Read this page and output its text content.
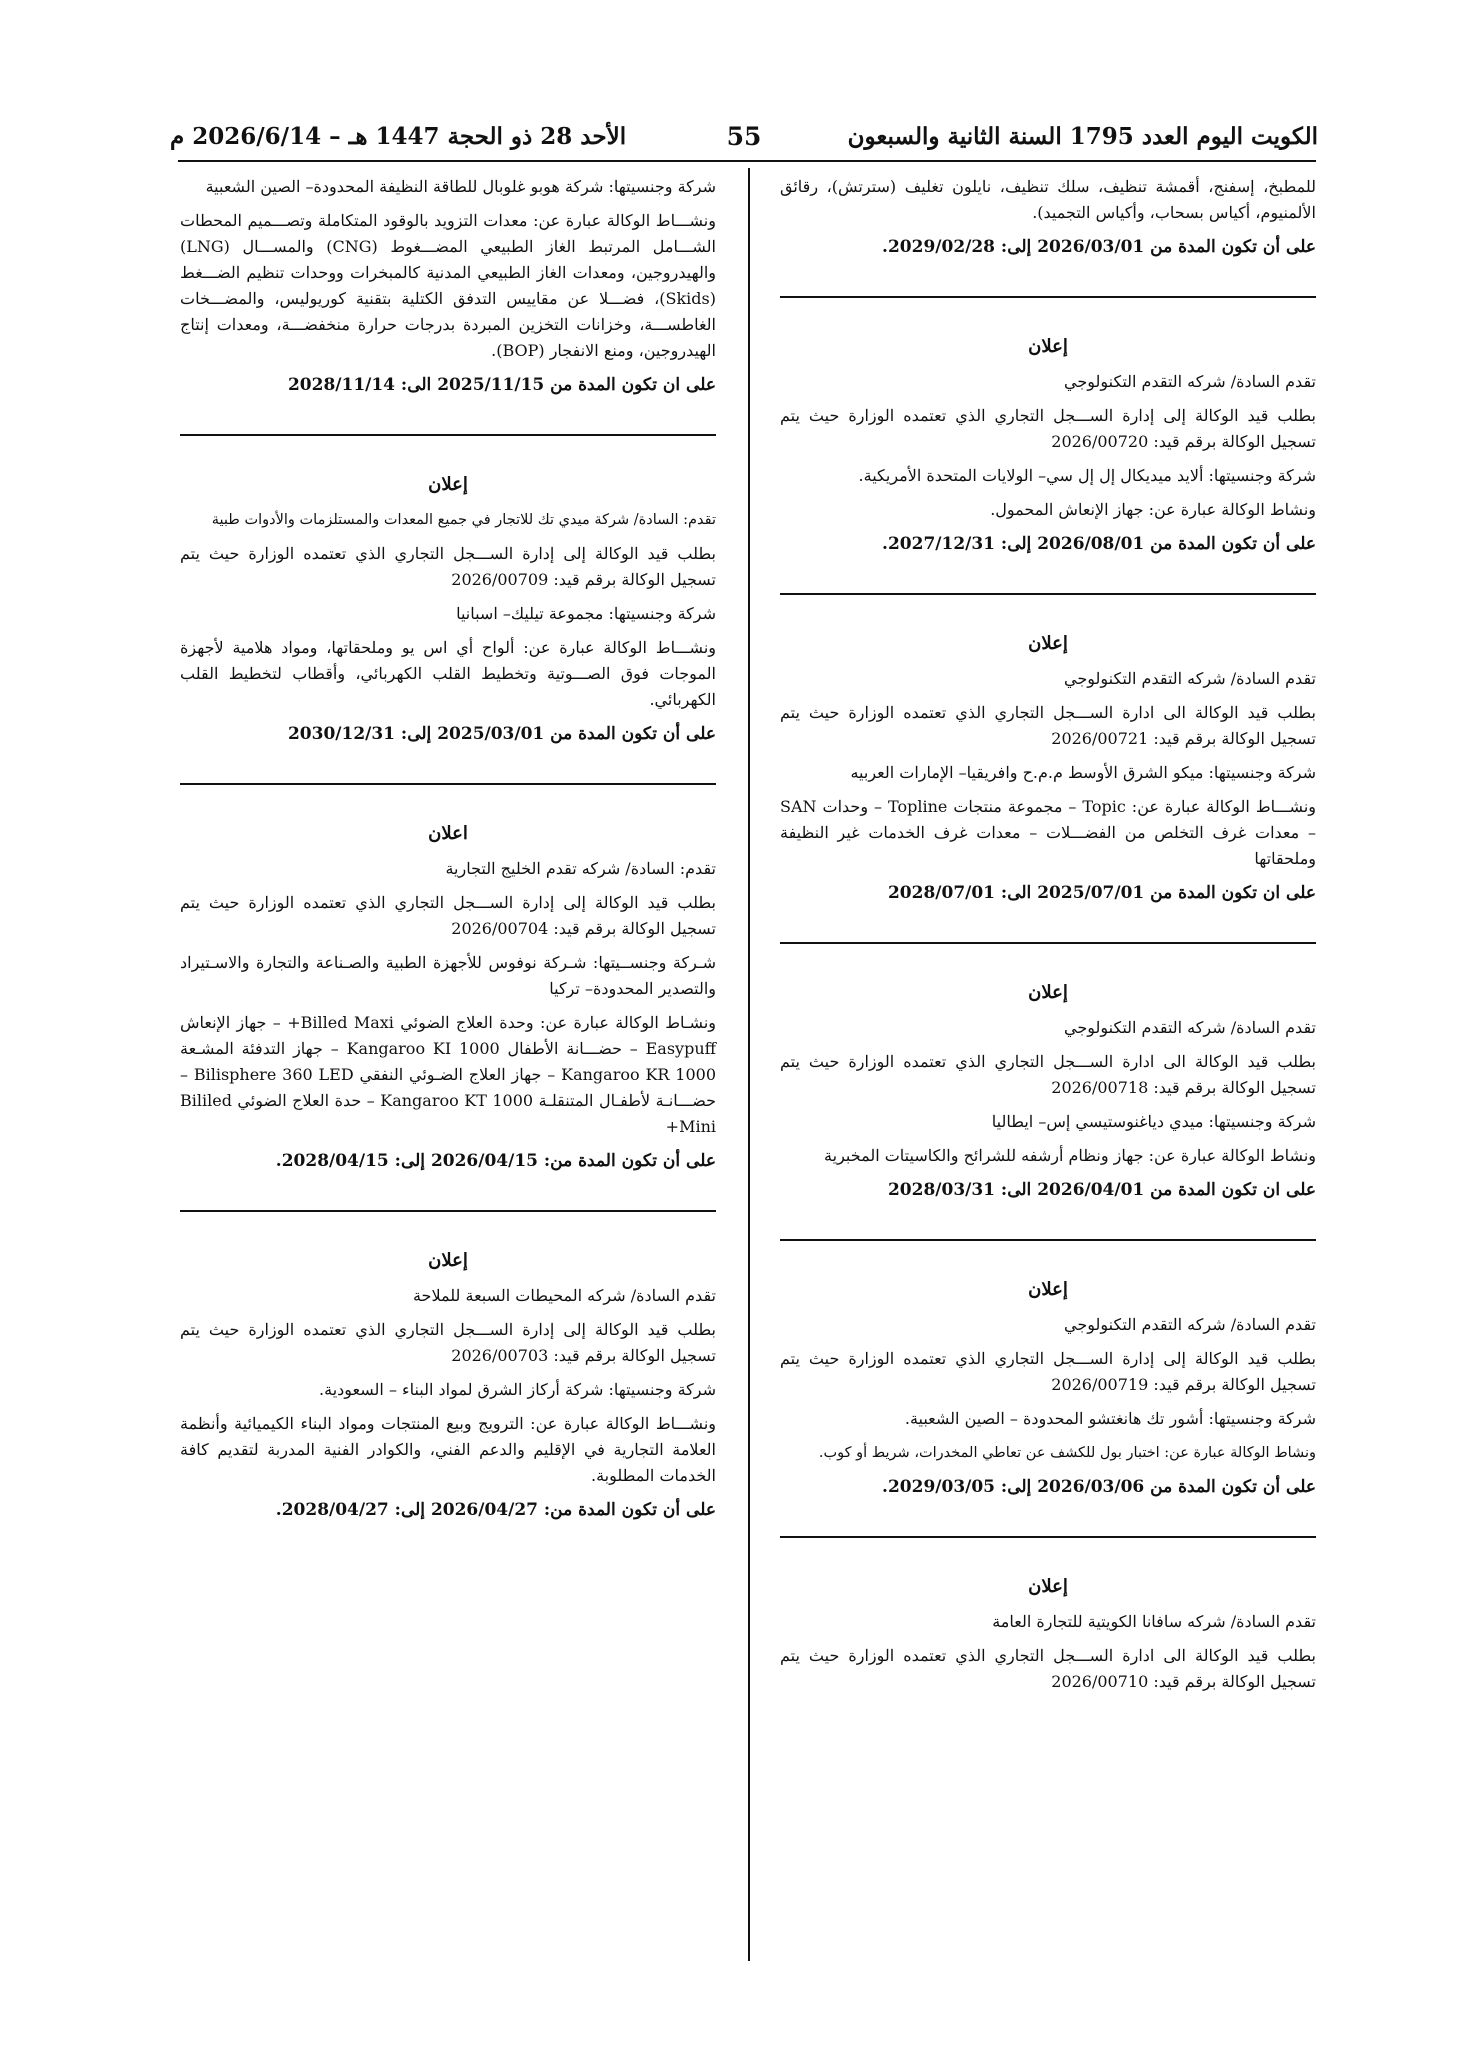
الكويت اليوم العدد 1795 السنة الثانية والسبعون
55
الأحد 28 ذو الحجة 1447 هـ – 2026/6/14 م

للمطبخ، إسفنج، أقمشة تنظيف، سلك تنظيف، نايلون تغليف (سترتش)، رقائق الألمنيوم، أكياس بسحاب، وأكياس التجميد).

على أن تكون المدة من 2026/03/01 إلى: 2029/02/28.

إعلان

تقدم السادة/ شركه التقدم التكنولوجي

بطلب قيد الوكالة إلى إدارة الســـجل التجاري الذي تعتمده الوزارة حيث يتم تسجيل الوكالة برقم قيد: 2026/00720

شركة وجنسيتها: ألايد ميديكال إل إل سي– الولايات المتحدة الأمريكية.

ونشاط الوكالة عبارة عن: جهاز الإنعاش المحمول.

على أن تكون المدة من 2026/08/01 إلى: 2027/12/31.

إعلان

تقدم السادة/ شركه التقدم التكنولوجي

بطلب قيد الوكالة الى ادارة الســـجل التجاري الذي تعتمده الوزارة حيث يتم تسجيل الوكالة برقم قيد: 2026/00721

شركة وجنسيتها: ميكو الشرق الأوسط م.م.ح وافريقيا– الإمارات العربيه

ونشـــاط الوكالة عبارة عن: Topic – مجموعة منتجات Topline – وحدات SAN – معدات غرف التخلص من الفضـــلات – معدات غرف الخدمات غير النظيفة وملحقاتها

على ان تكون المدة من 2025/07/01 الى: 2028/07/01

إعلان

تقدم السادة/ شركه التقدم التكنولوجي

بطلب قيد الوكالة الى ادارة الســـجل التجاري الذي تعتمده الوزارة حيث يتم تسجيل الوكالة برقم قيد: 2026/00718

شركة وجنسيتها: ميدي دياغنوستيسي إس– ايطاليا

ونشاط الوكالة عبارة عن: جهاز ونظام أرشفه للشرائح والكاسيتات المخبرية

على ان تكون المدة من 2026/04/01 الى: 2028/03/31

إعلان

تقدم السادة/ شركه التقدم التكنولوجي

بطلب قيد الوكالة إلى إدارة الســـجل التجاري الذي تعتمده الوزارة حيث يتم تسجيل الوكالة برقم قيد: 2026/00719

شركة وجنسيتها: أشور تك هانغتشو المحدودة – الصين الشعبية.

ونشاط الوكالة عبارة عن: اختبار بول للكشف عن تعاطي المخدرات، شريط أو كوب.

على أن تكون المدة من 2026/03/06 إلى: 2029/03/05.

إعلان

تقدم السادة/ شركه سافانا الكويتية للتجارة العامة

بطلب قيد الوكالة الى ادارة الســـجل التجاري الذي تعتمده الوزارة حيث يتم تسجيل الوكالة برقم قيد: 2026/00710

شركة وجنسيتها: شركة هوبو غلوبال للطاقة النظيفة المحدودة– الصين الشعبية

ونشـــاط الوكالة عبارة عن: معدات التزويد بالوقود المتكاملة وتصـــميم المحطات الشـــامل المرتبط الغاز الطبيعي المضـــغوط (CNG) والمســـال (LNG) والهيدروجين، ومعدات الغاز الطبيعي المدنية كالمبخرات ووحدات تنظيم الضـــغط (Skids)، فضـــلا عن مقاييس التدفق الكتلية بتقنية كوريوليس، والمضـــخات الغاطســـة، وخزانات التخزين المبردة بدرجات حرارة منخفضـــة، ومعدات إنتاج الهيدروجين، ومنع الانفجار (BOP).

على ان تكون المدة من 2025/11/15 الى: 2028/11/14

إعلان

تقدم: السادة/ شركة ميدي تك للاتجار في جميع المعدات والمستلزمات والأدوات طبية

بطلب قيد الوكالة إلى إدارة الســـجل التجاري الذي تعتمده الوزارة حيث يتم تسجيل الوكالة برقم قيد: 2026/00709

شركة وجنسيتها: مجموعة تيليك– اسبانيا

ونشـــاط الوكالة عبارة عن: ألواح أي اس يو وملحقاتها، ومواد هلامية لأجهزة الموجات فوق الصـــوتية وتخطيط القلب الكهربائي، وأقطاب لتخطيط القلب الكهربائي.

على أن تكون المدة من 2025/03/01 إلى: 2030/12/31

اعلان

تقدم: السادة/ شركه تقدم الخليج التجارية

بطلب قيد الوكالة إلى إدارة الســـجل التجاري الذي تعتمده الوزارة حيث يتم تسجيل الوكالة برقم قيد: 2026/00704

شـركة وجنســيتها: شـركة نوفوس للأجهزة الطبية والصـناعة والتجارة والاسـتيراد والتصدير المحدودة– تركيا

ونشـاط الوكالة عبارة عن: وحدة العلاج الضوئي Billed Maxi+ – جهاز الإنعاش Easypuff – حضـــانة الأطفال Kangaroo KI 1000 – جهاز التدفئة المشـعة Kangaroo KR 1000 – جهاز العلاج الضـوئي النفقي Bilisphere 360 LED – حضـــانـة لأطفـال المتنقلـة Kangaroo KT 1000 – حدة العلاج الضوئي Bililed Mini+

على أن تكون المدة من: 2026/04/15 إلى: 2028/04/15.

إعلان

تقدم السادة/ شركه المحيطات السبعة للملاحة

بطلب قيد الوكالة إلى إدارة الســـجل التجاري الذي تعتمده الوزارة حيث يتم تسجيل الوكالة برقم قيد: 2026/00703

شركة وجنسيتها: شركة أركاز الشرق لمواد البناء – السعودية.

ونشـــاط الوكالة عبارة عن: الترويج وبيع المنتجات ومواد البناء الكيميائية وأنظمة العلامة التجارية في الإقليم والدعم الفني، والكوادر الفنية المدربة لتقديم كافة الخدمات المطلوبة.

على أن تكون المدة من: 2026/04/27 إلى: 2028/04/27.
